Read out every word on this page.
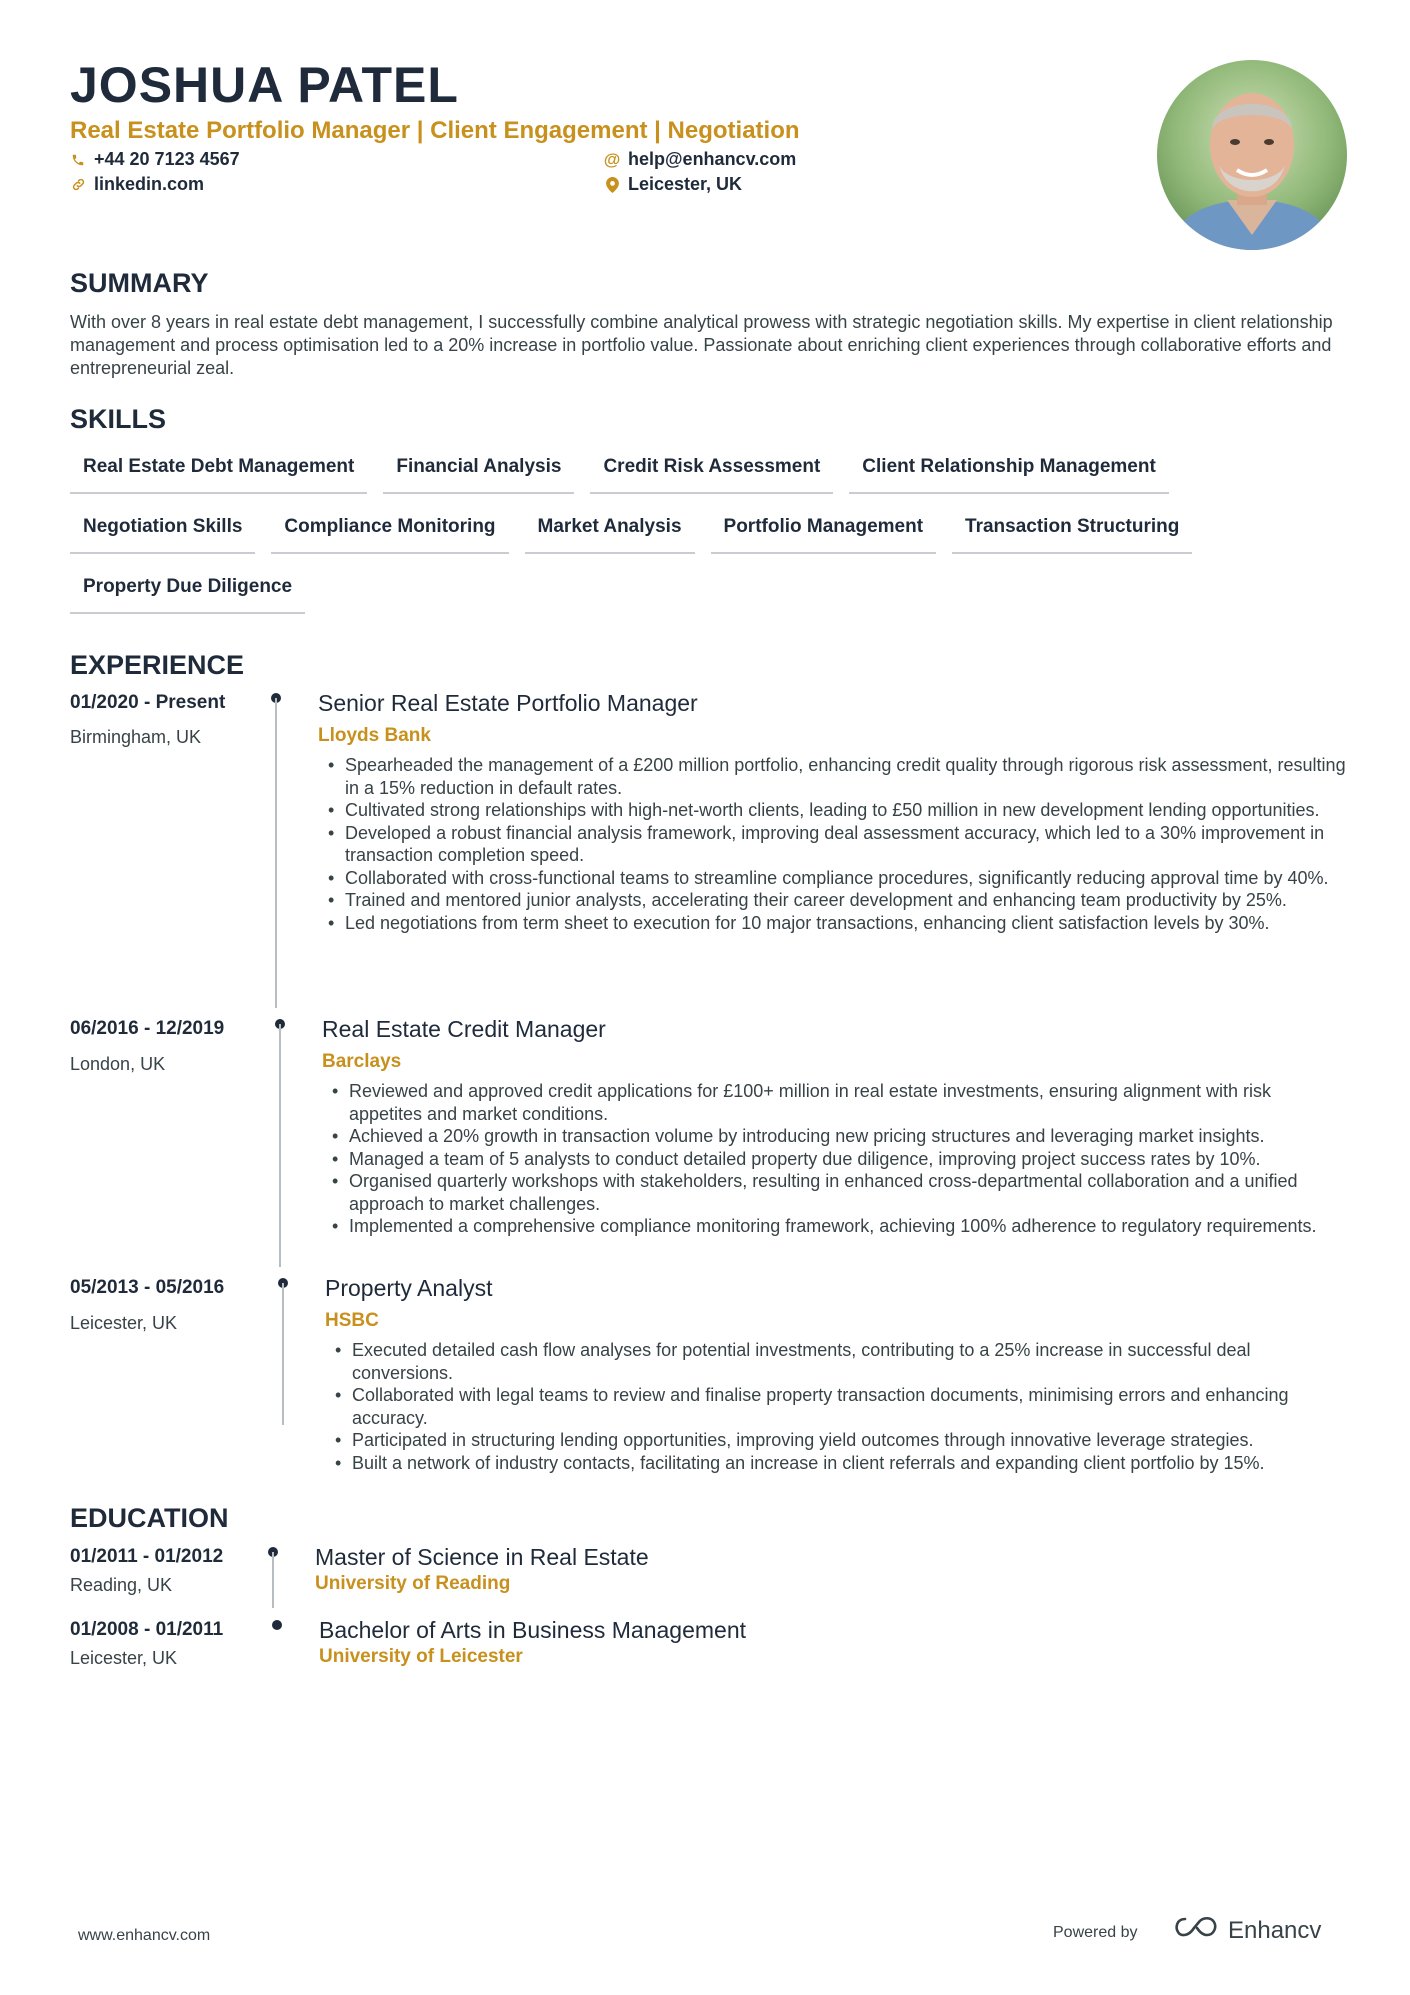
JOSHUA PATEL
Real Estate Portfolio Manager | Client Engagement | Negotiation
+44 20 7123 4567
linkedin.com
@ help@enhancv.com
Leicester, UK
SUMMARY
With over 8 years in real estate debt management, I successfully combine analytical prowess with strategic negotiation skills. My expertise in client relationship management and process optimisation led to a 20% increase in portfolio value. Passionate about enriching client experiences through collaborative efforts and entrepreneurial zeal.
SKILLS
Real Estate Debt Management	Financial Analysis	Credit Risk Assessment	Client Relationship Management
Negotiation Skills	Compliance Monitoring	Market Analysis	Portfolio Management	Transaction Structuring
Property Due Diligence
EXPERIENCE
01/2020 - Present
Birmingham, UK
Senior Real Estate Portfolio Manager
Lloyds Bank
• Spearheaded the management of a £200 million portfolio, enhancing credit quality through rigorous risk assessment, resulting in a 15% reduction in default rates.
• Cultivated strong relationships with high-net-worth clients, leading to £50 million in new development lending opportunities.
• Developed a robust financial analysis framework, improving deal assessment accuracy, which led to a 30% improvement in transaction completion speed.
• Collaborated with cross-functional teams to streamline compliance procedures, significantly reducing approval time by 40%.
• Trained and mentored junior analysts, accelerating their career development and enhancing team productivity by 25%.
• Led negotiations from term sheet to execution for 10 major transactions, enhancing client satisfaction levels by 30%.
06/2016 - 12/2019
London, UK
Real Estate Credit Manager
Barclays
• Reviewed and approved credit applications for £100+ million in real estate investments, ensuring alignment with risk appetites and market conditions.
• Achieved a 20% growth in transaction volume by introducing new pricing structures and leveraging market insights.
• Managed a team of 5 analysts to conduct detailed property due diligence, improving project success rates by 10%.
• Organised quarterly workshops with stakeholders, resulting in enhanced cross-departmental collaboration and a unified approach to market challenges.
• Implemented a comprehensive compliance monitoring framework, achieving 100% adherence to regulatory requirements.
05/2013 - 05/2016
Leicester, UK
Property Analyst
HSBC
• Executed detailed cash flow analyses for potential investments, contributing to a 25% increase in successful deal conversions.
• Collaborated with legal teams to review and finalise property transaction documents, minimising errors and enhancing accuracy.
• Participated in structuring lending opportunities, improving yield outcomes through innovative leverage strategies.
• Built a network of industry contacts, facilitating an increase in client referrals and expanding client portfolio by 15%.
EDUCATION
01/2011 - 01/2012
Reading, UK
Master of Science in Real Estate
University of Reading
01/2008 - 01/2011
Leicester, UK
Bachelor of Arts in Business Management
University of Leicester
www.enhancv.com	Powered by	Enhancv
